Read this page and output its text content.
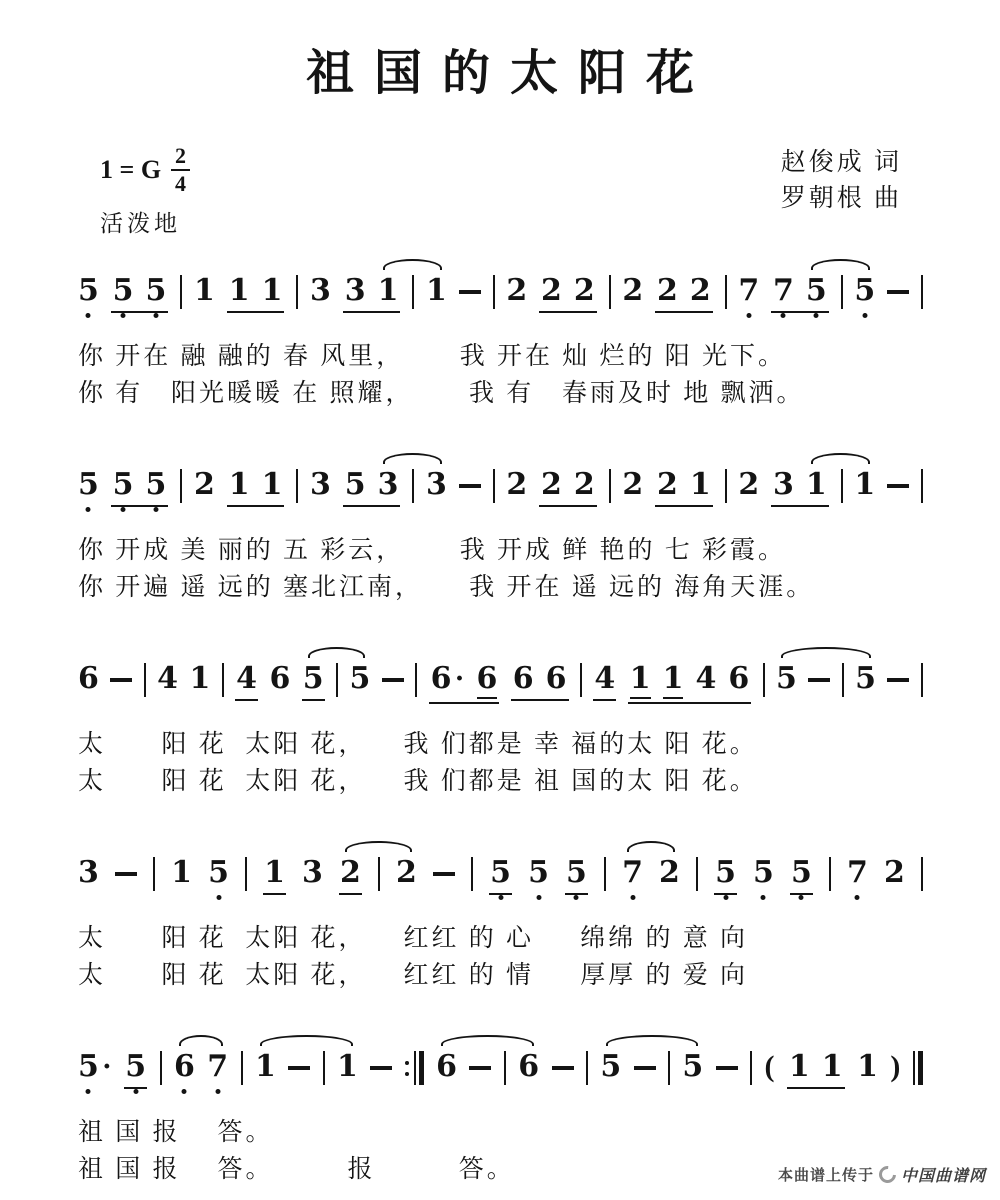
祖国的太阳花
1 = G 2
4
活泼地
赵俊成 词
罗朝根 曲
5 5 5 1 1 1 3 3 1 1 2 2 2 2 2 2 7 7 5 5
你 开在 融 融的 春 风里，      我 开在 灿 烂的 阳 光下。
你 有   阳光暖暖 在 照耀，      我 有   春雨及时 地 飘洒。
5 5 5 2 1 1 3 5 3 3 2 2 2 2 2 1 2 3 1 1
你 开成 美 丽的 五 彩云，      我 开成 鲜 艳的 七 彩霞。
你 开遍 遥 远的 塞北江南，     我 开在 遥 远的 海角天涯。
6 4 1 4 6 5 5 6 · 6 6 6 4 1 1 4 6 5 5
太      阳 花  太阳 花，    我 们都是 幸 福的太 阳 花。
太      阳 花  太阳 花，    我 们都是 祖 国的太 阳 花。
3 1 5 1 3 2 2 5 5 5 7 2 5 5 5 7 2
太      阳 花  太阳 花，    红红 的 心     绵绵 的 意 向
太      阳 花  太阳 花，    红红 的 情     厚厚 的 爱 向
5 · 5 6 7 1 1	6 6 5 5 ( 1 1 1 )
祖 国 报    答。
祖 国 报    答。        报         答。	本曲谱上传于 中国曲谱网
